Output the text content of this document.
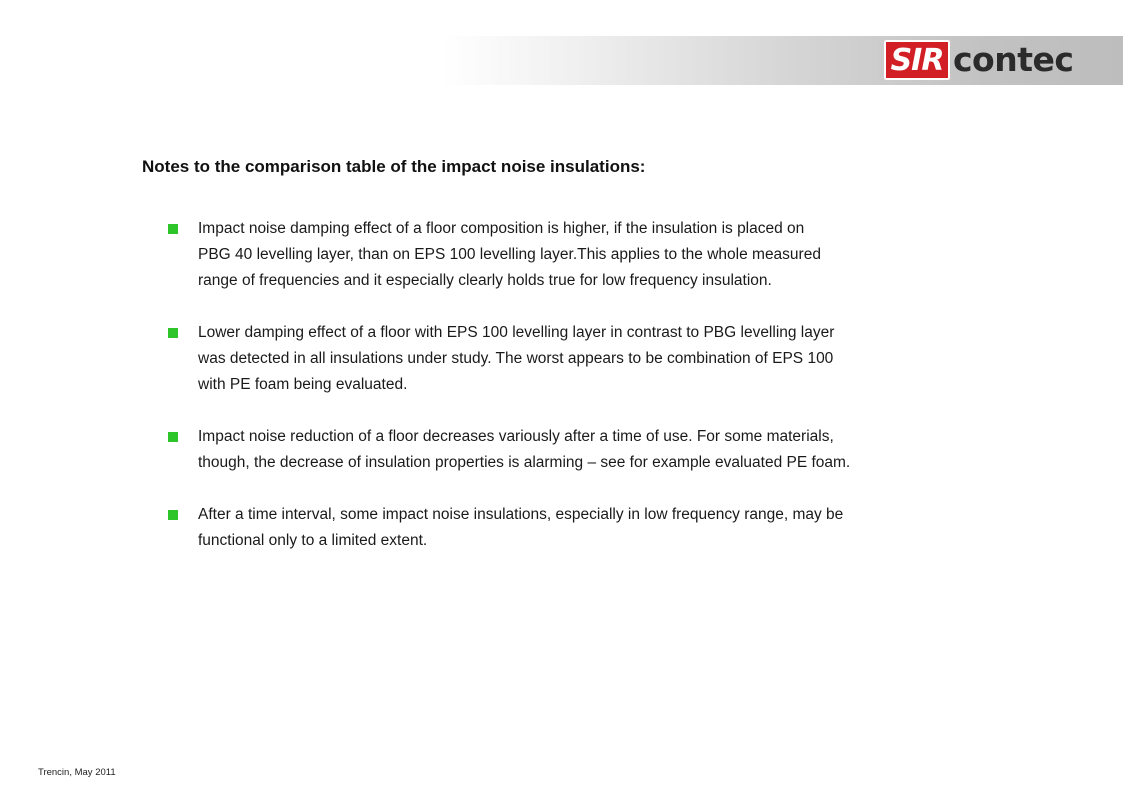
SIR contec
Notes to the comparison table of the impact noise insulations:
Impact noise damping effect of a floor composition is higher, if the insulation is placed on
PBG 40 levelling layer, than on EPS 100 levelling layer.This applies to the whole measured
range of frequencies and it especially clearly holds true for low frequency insulation.
Lower damping effect of a floor with EPS 100 levelling layer in contrast to PBG levelling layer
was detected in all insulations under study. The worst appears to be combination of EPS 100
with PE foam being evaluated.
Impact noise reduction of a floor decreases variously after a time of use. For some materials,
though, the decrease of insulation properties is alarming – see for example evaluated PE foam.
After a time interval, some impact noise insulations, especially in low frequency range, may be
functional only to a limited extent.
Trencin, May 2011
